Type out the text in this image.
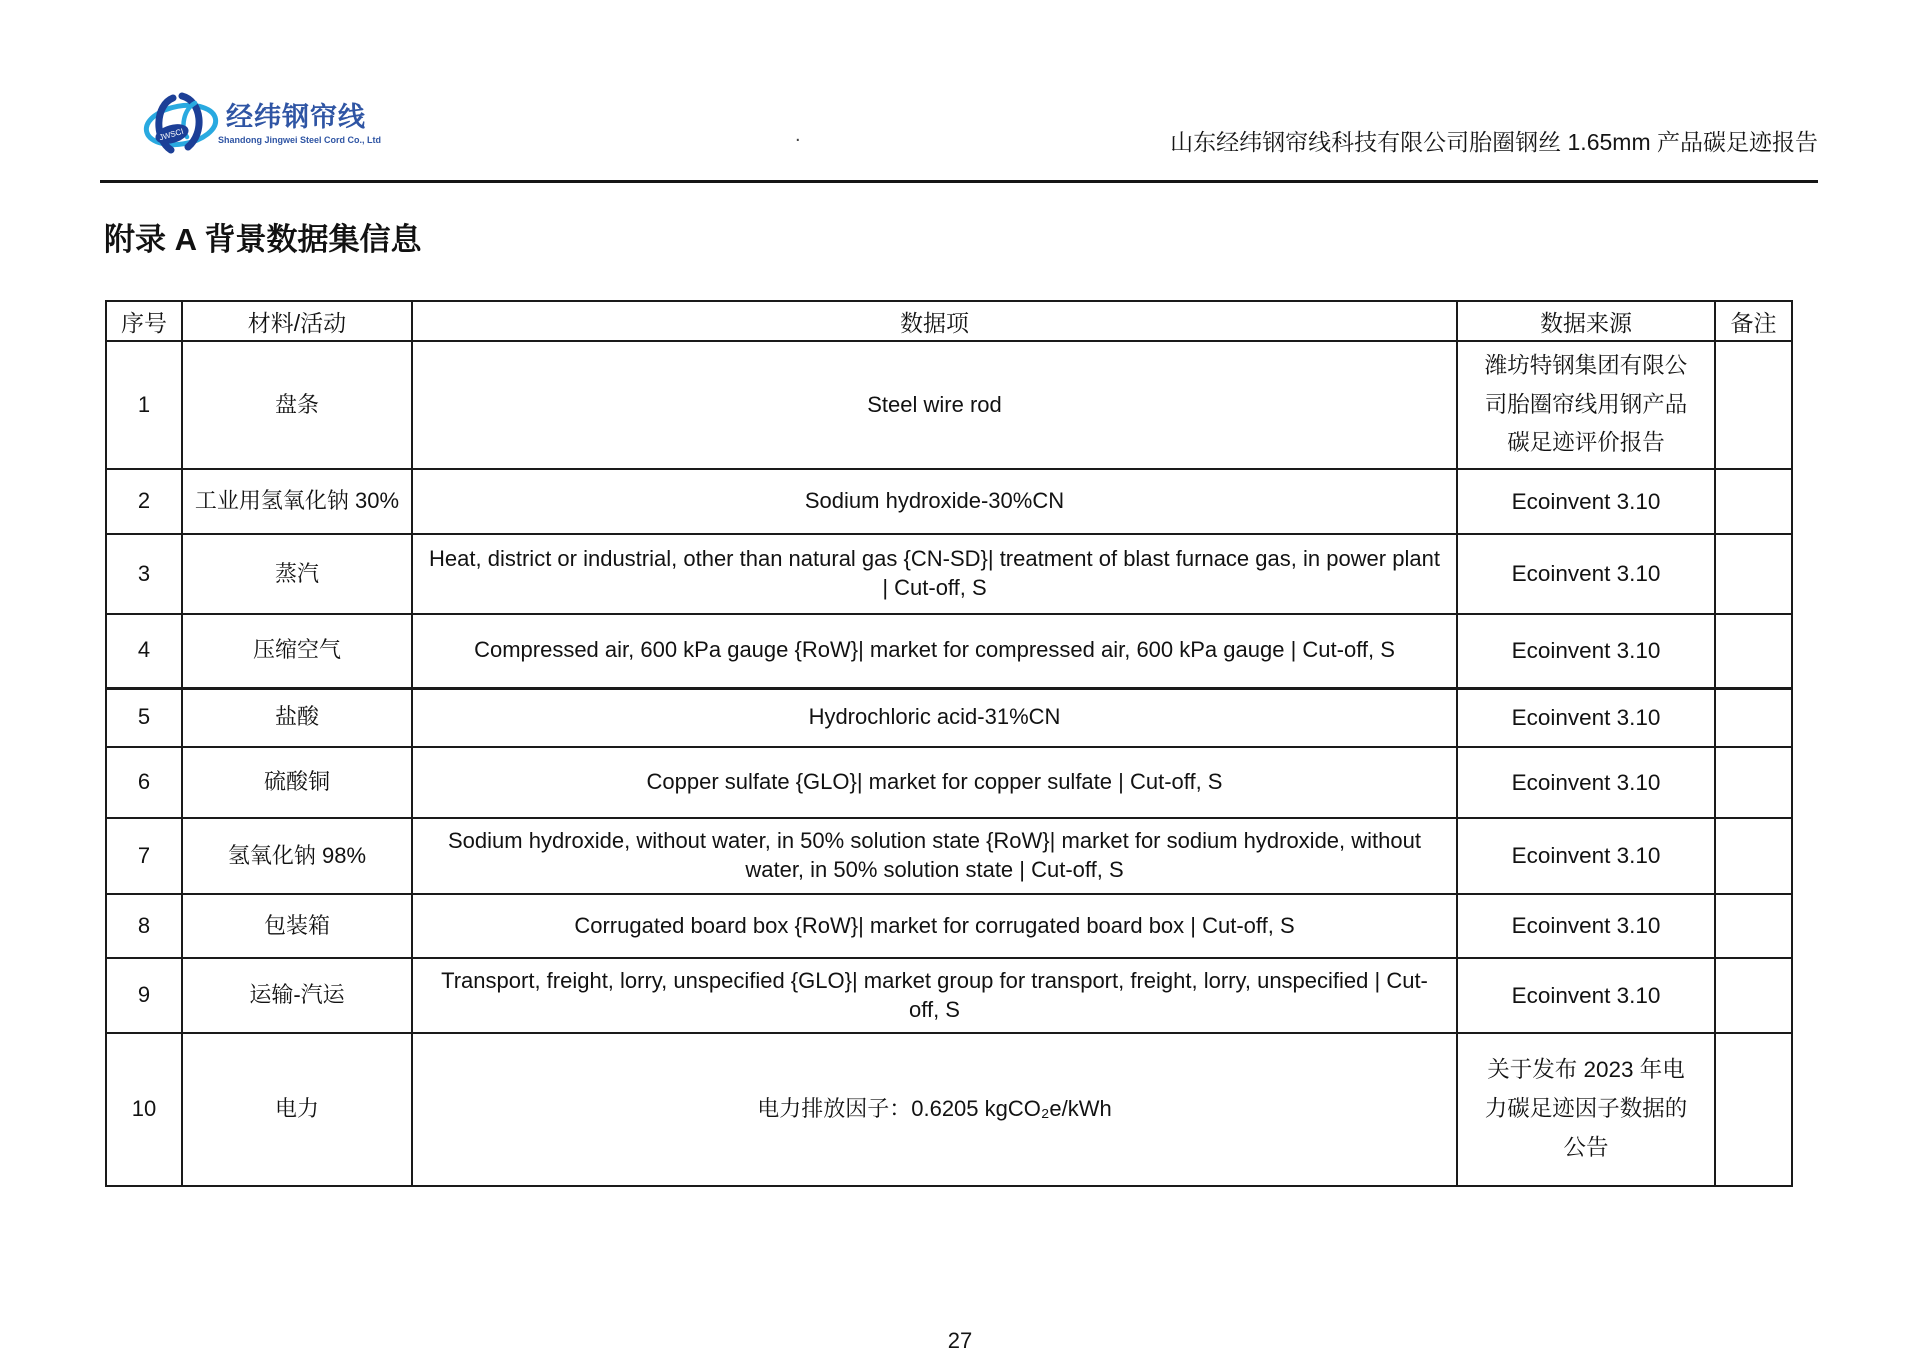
JWSCI
经纬钢帘线
Shandong Jingwei Steel Cord Co., Ltd	.	山东经纬钢帘线科技有限公司胎圈钢丝 1.65mm 产品碳足迹报告
附录 A 背景数据集信息
序号	材料/活动	数据项	数据来源	备注
1	盘条	Steel wire rod	潍坊特钢集团有限公司胎圈帘线用钢产品碳足迹评价报告	
2	工业用氢氧化钠 30%	Sodium hydroxide-30%CN	Ecoinvent 3.10	
3	蒸汽	Heat, district or industrial, other than natural gas {CN-SD}| treatment of blast furnace gas, in power plant | Cut-off, S	Ecoinvent 3.10	
4	压缩空气	Compressed air, 600 kPa gauge {RoW}| market for compressed air, 600 kPa gauge | Cut-off, S	Ecoinvent 3.10	
5	盐酸	Hydrochloric acid-31%CN	Ecoinvent 3.10	
6	硫酸铜	Copper sulfate {GLO}| market for copper sulfate | Cut-off, S	Ecoinvent 3.10	
7	氢氧化钠 98%	Sodium hydroxide, without water, in 50% solution state {RoW}| market for sodium hydroxide, without water, in 50% solution state | Cut-off, S	Ecoinvent 3.10	
8	包装箱	Corrugated board box {RoW}| market for corrugated board box | Cut-off, S	Ecoinvent 3.10	
9	运输-汽运	Transport, freight, lorry, unspecified {GLO}| market group for transport, freight, lorry, unspecified | Cut-off, S	Ecoinvent 3.10	
10	电力	电力排放因子：0.6205 kgCO₂e/kWh	关于发布 2023 年电力碳足迹因子数据的公告	
27
